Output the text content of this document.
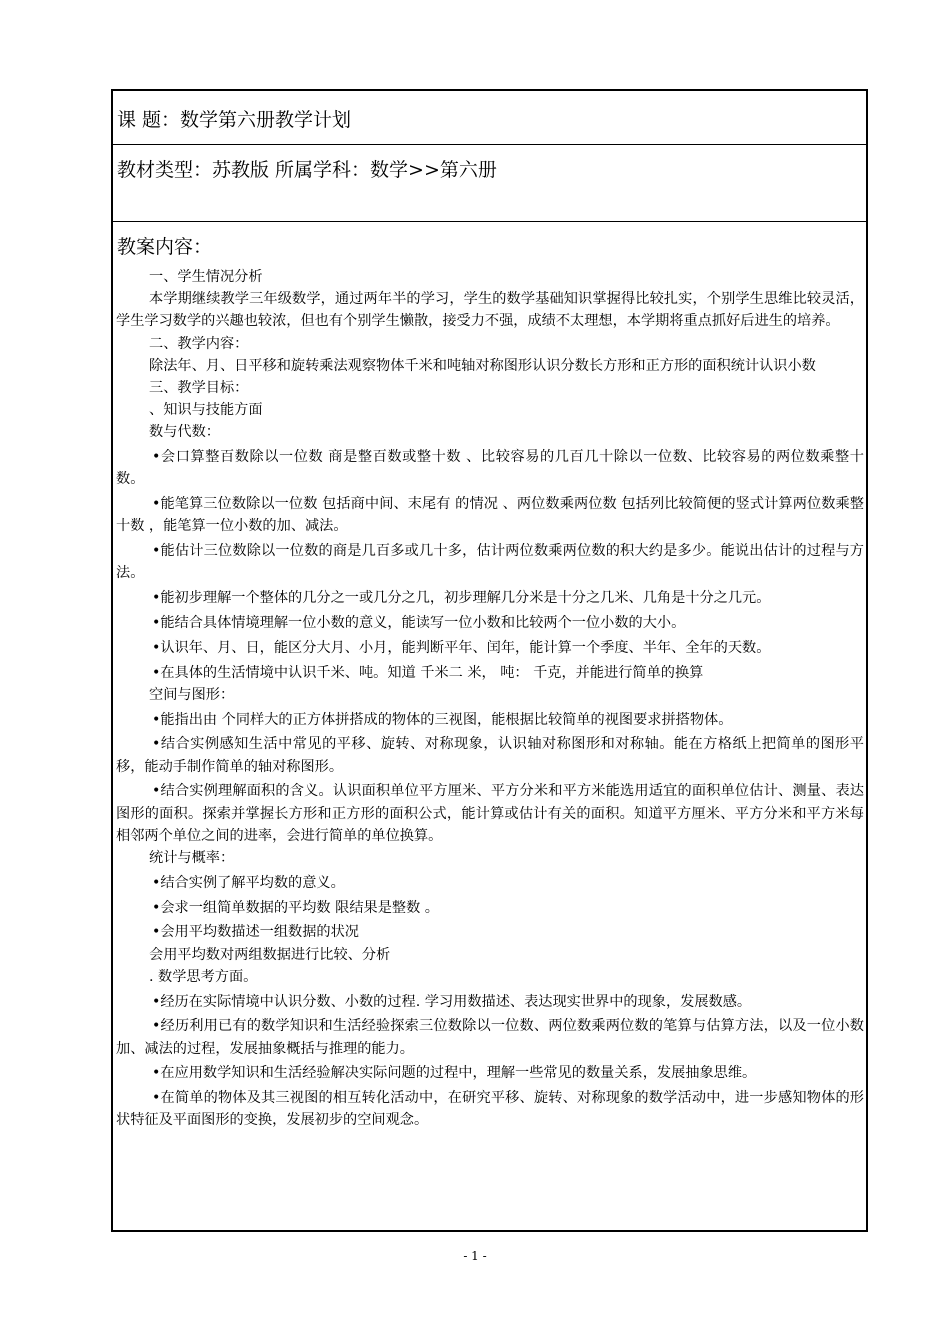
课 题：数学第六册教学计划
教材类型：苏教版 所属学科：数学>>第六册
教案内容：

一、学生情况分析

本学期继续教学三年级数学，通过两年半的学习，学生的数学基础知识掌握得比较扎实，个别学生思维比较灵活，学生学习数学的兴趣也较浓，但也有个别学生懒散，接受力不强，成绩不太理想，本学期将重点抓好后进生的培养。

二、教学内容：

除法年、月、日平移和旋转乘法观察物体千米和吨轴对称图形认识分数长方形和正方形的面积统计认识小数

三、教学目标：

、知识与技能方面

数与代数：

•会口算整百数除以一位数 商是整百数或整十数 、比较容易的几百几十除以一位数、比较容易的两位数乘整十数。

•能笔算三位数除以一位数 包括商中间、末尾有 的情况 、两位数乘两位数 包括列比较简便的竖式计算两位数乘整十数 ，能笔算一位小数的加、减法。

•能估计三位数除以一位数的商是几百多或几十多，估计两位数乘两位数的积大约是多少。能说出估计的过程与方法。

•能初步理解一个整体的几分之一或几分之几，初步理解几分米是十分之几米、几角是十分之几元。

•能结合具体情境理解一位小数的意义，能读写一位小数和比较两个一位小数的大小。

•认识年、月、日，能区分大月、小月，能判断平年、闰年，能计算一个季度、半年、全年的天数。

•在具体的生活情境中认识千米、吨。知道 千米二 米， 吨： 千克，并能进行简单的换算

空间与图形：

•能指出由 个同样大的正方体拼搭成的物体的三视图，能根据比较简单的视图要求拼搭物体。

•结合实例感知生活中常见的平移、旋转、对称现象，认识轴对称图形和对称轴。能在方格纸上把简单的图形平移，能动手制作简单的轴对称图形。

•结合实例理解面积的含义。认识面积单位平方厘米、平方分米和平方米能选用适宜的面积单位估计、测量、表达图形的面积。探索并掌握长方形和正方形的面积公式，能计算或估计有关的面积。知道平方厘米、平方分米和平方米每相邻两个单位之间的进率，会进行简单的单位换算。

统计与概率：

•结合实例了解平均数的意义。

•会求一组简单数据的平均数 限结果是整数 。

•会用平均数描述一组数据的状况

会用平均数对两组数据进行比较、分析

. 数学思考方面。

•经历在实际情境中认识分数、小数的过程. 学习用数描述、表达现实世界中的现象，发展数感。

•经历利用已有的数学知识和生活经验探索三位数除以一位数、两位数乘两位数的笔算与估算方法，以及一位小数加、减法的过程，发展抽象概括与推理的能力。

•在应用数学知识和生活经验解决实际问题的过程中，理解一些常见的数量关系，发展抽象思维。

•在简单的物体及其三视图的相互转化活动中，在研究平移、旋转、对称现象的数学活动中，进一步感知物体的形状特征及平面图形的变换，发展初步的空间观念。

- 1 -
